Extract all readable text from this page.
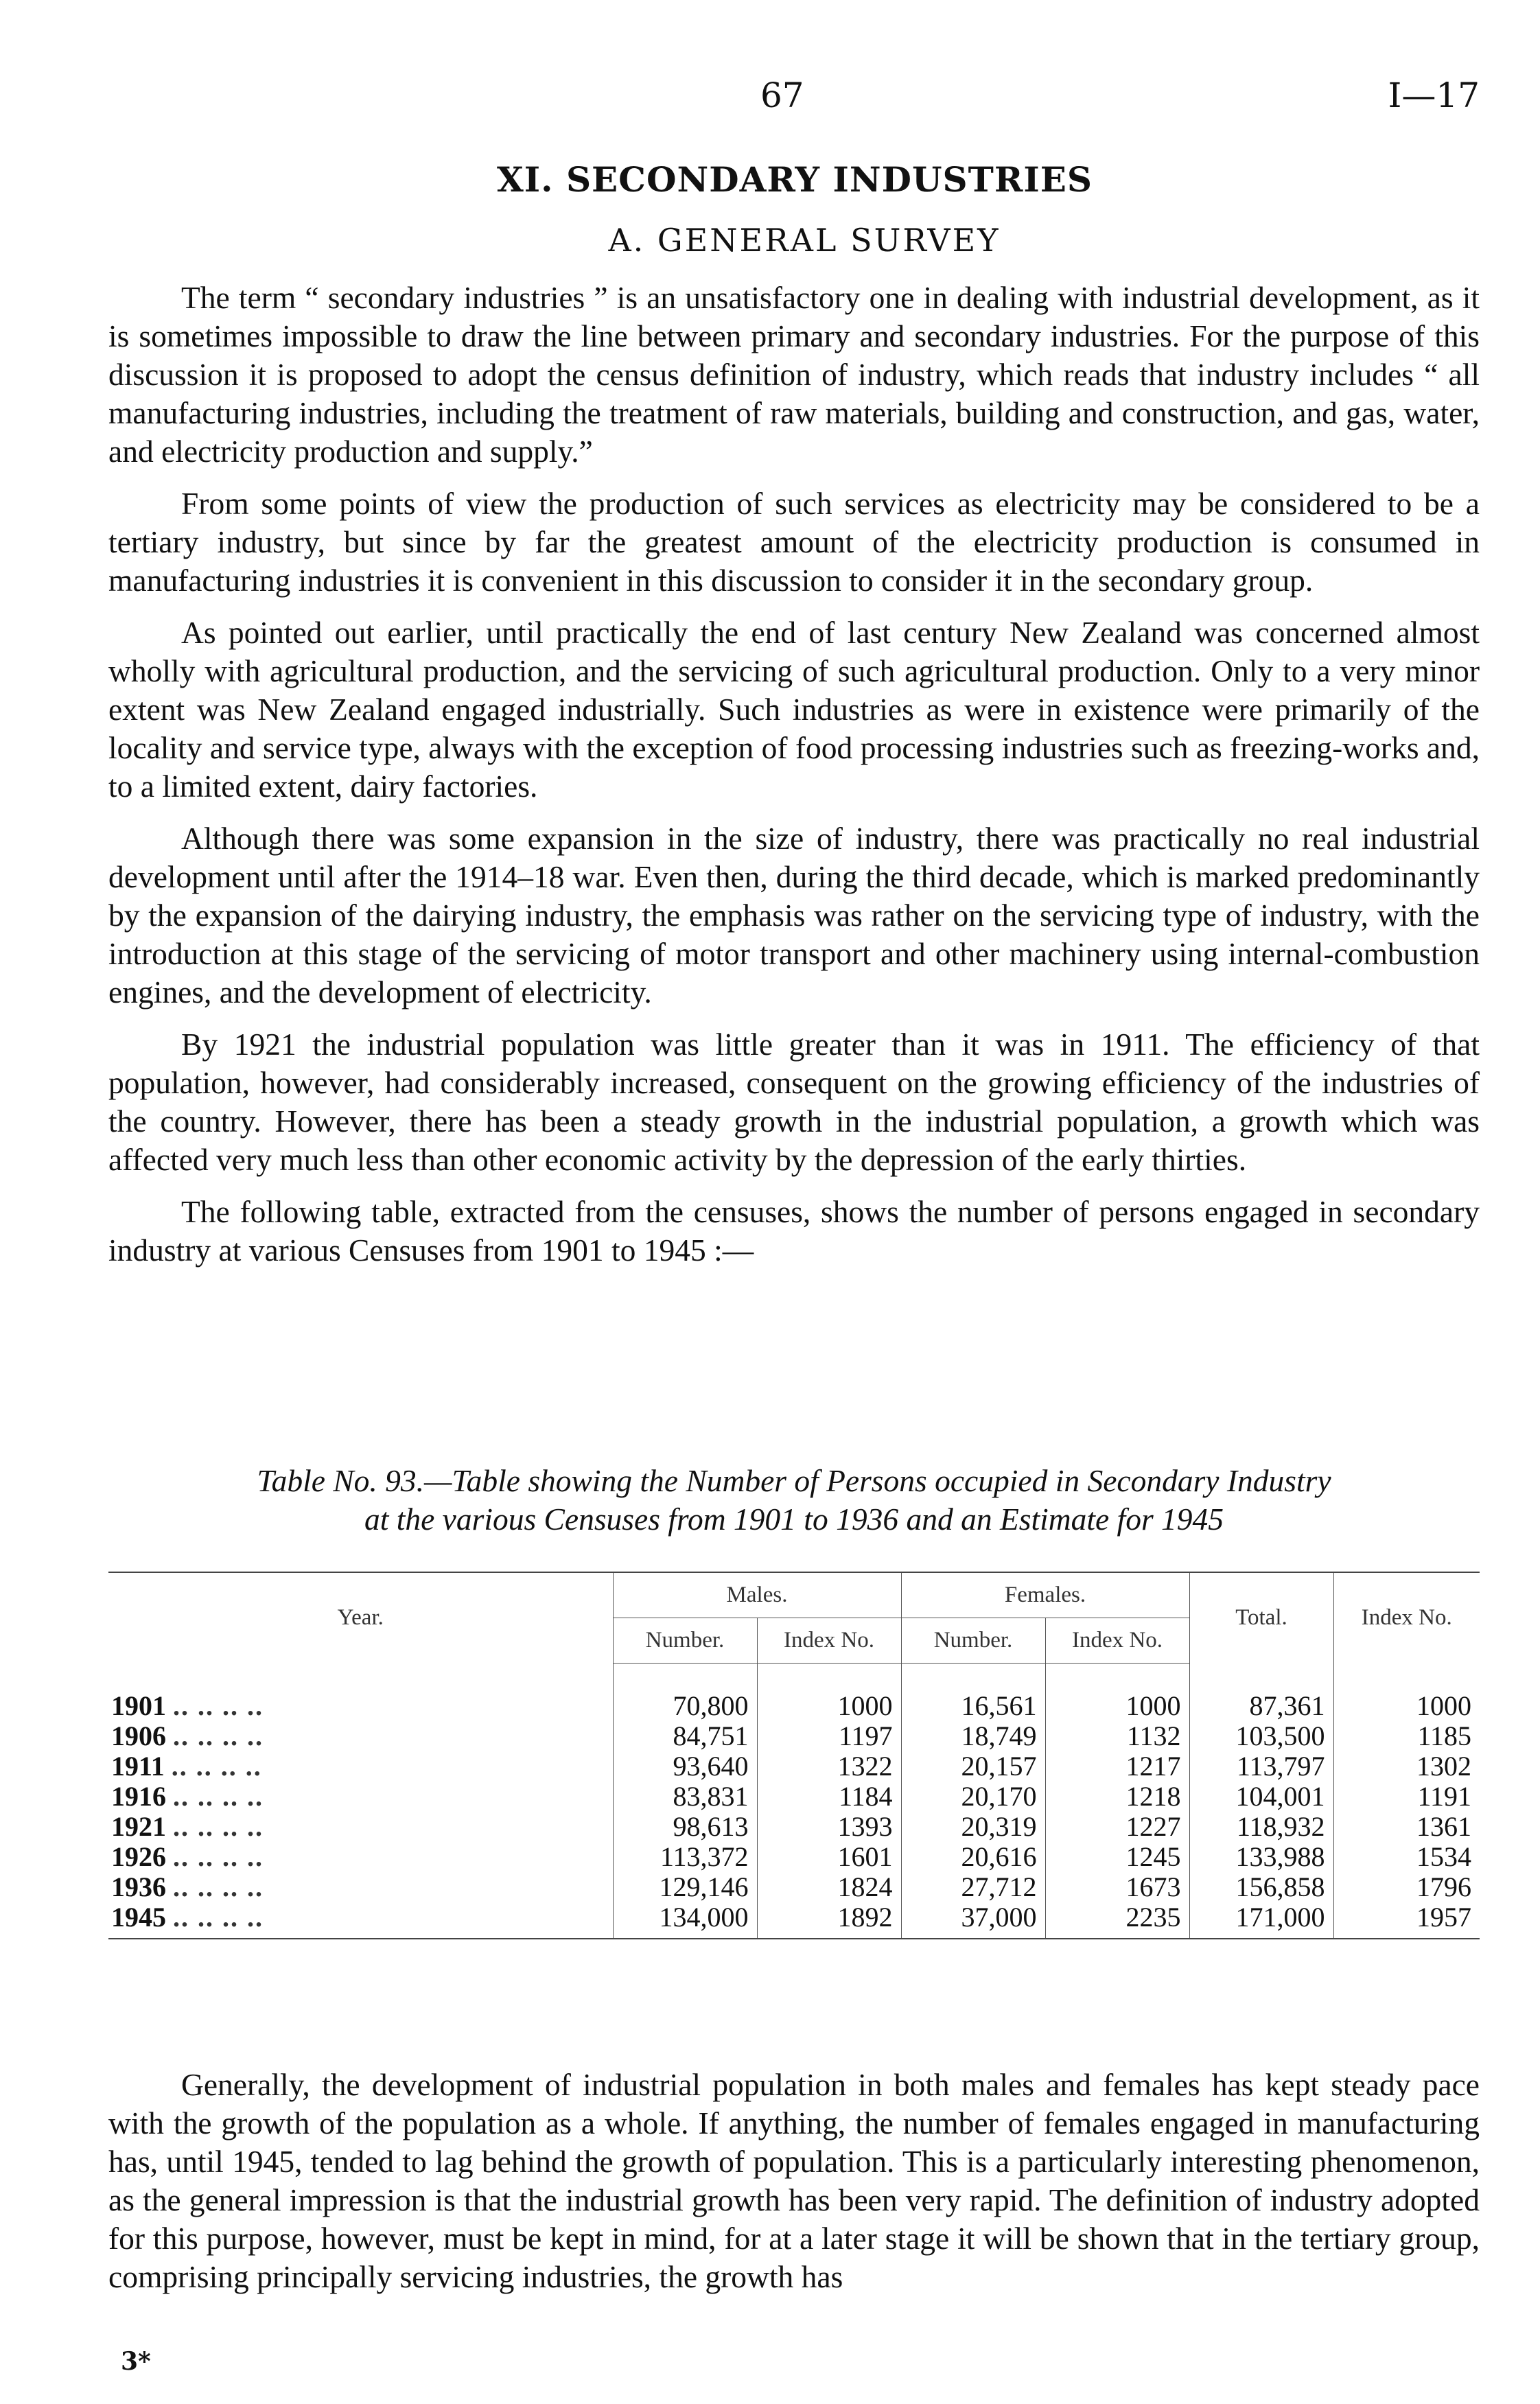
67	I—17
XI. SECONDARY INDUSTRIES
A. GENERAL SURVEY

The term “ secondary industries ” is an unsatisfactory one in dealing with industrial development, as it is sometimes impossible to draw the line between primary and secondary industries. For the purpose of this discussion it is proposed to adopt the census definition of industry, which reads that industry includes “ all manufacturing industries, including the treatment of raw materials, building and construction, and gas, water, and electricity production and supply.”

From some points of view the production of such services as electricity may be considered to be a tertiary industry, but since by far the greatest amount of the electricity production is consumed in manufacturing industries it is convenient in this discussion to consider it in the secondary group.

As pointed out earlier, until practically the end of last century New Zealand was concerned almost wholly with agricultural production, and the servicing of such agricultural production. Only to a very minor extent was New Zealand engaged industrially. Such industries as were in existence were primarily of the locality and service type, always with the exception of food processing industries such as freezing-works and, to a limited extent, dairy factories.

Although there was some expansion in the size of industry, there was practically no real industrial development until after the 1914–18 war. Even then, during the third decade, which is marked predominantly by the expansion of the dairying industry, the emphasis was rather on the servicing type of industry, with the introduction at this stage of the servicing of motor transport and other machinery using internal-combustion engines, and the development of electricity.

By 1921 the industrial population was little greater than it was in 1911. The efficiency of that population, however, had considerably increased, consequent on the growing efficiency of the industries of the country. However, there has been a steady growth in the industrial population, a growth which was affected very much less than other economic activity by the depression of the early thirties.

The following table, extracted from the censuses, shows the number of persons engaged in secondary industry at various Censuses from 1901 to 1945 :—

Table No. 93.—Table showing the Number of Persons occupied in Secondary Industry
at the various Censuses from 1901 to 1936 and an Estimate for 1945
Year.	Males.		Females.		Total.	Index No.
	Number.	Index No.	Number.	Index No.		
1901 .. .. .. ..	70,800	1000	16,561	1000	87,361	1000
1906 .. .. .. ..	84,751	1197	18,749	1132	103,500	1185
1911 .. .. .. ..	93,640	1322	20,157	1217	113,797	1302
1916 .. .. .. ..	83,831	1184	20,170	1218	104,001	1191
1921 .. .. .. ..	98,613	1393	20,319	1227	118,932	1361
1926 .. .. .. ..	113,372	1601	20,616	1245	133,988	1534
1936 .. .. .. ..	129,146	1824	27,712	1673	156,858	1796
1945 .. .. .. ..	134,000	1892	37,000	2235	171,000	1957

Generally, the development of industrial population in both males and females has kept steady pace with the growth of the population as a whole. If anything, the number of females engaged in manufacturing has, until 1945, tended to lag behind the growth of population. This is a particularly interesting phenomenon, as the general impression is that the industrial growth has been very rapid. The definition of industry adopted for this purpose, however, must be kept in mind, for at a later stage it will be shown that in the tertiary group, comprising principally servicing industries, the growth has

3*
